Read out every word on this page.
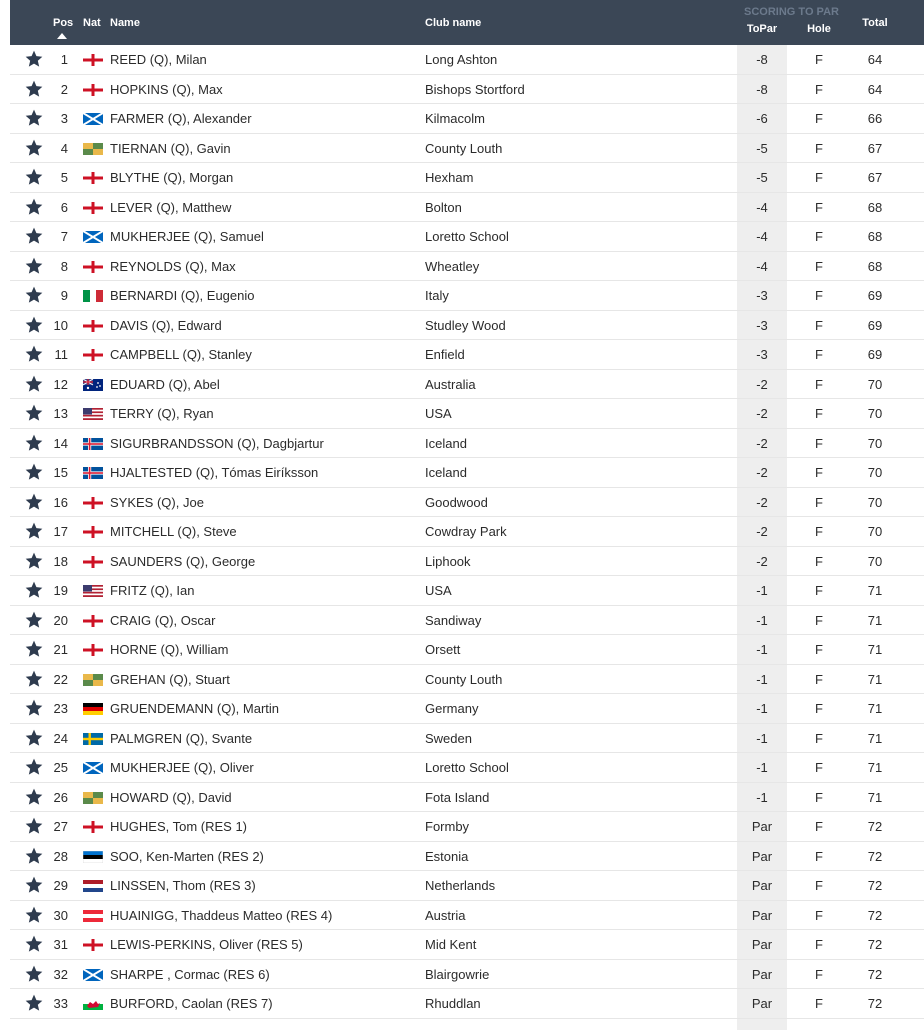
Pos Nat Name	Club name
SCORING TO PAR
ToPar	Hole	Total
1	REED (Q), Milan	Long Ashton	-8	F	64
2	HOPKINS (Q), Max	Bishops Stortford	-8	F	64
3	FARMER (Q), Alexander	Kilmacolm	-6	F	66
4	TIERNAN (Q), Gavin	County Louth	-5	F	67
5	BLYTHE (Q), Morgan	Hexham	-5	F	67
6	LEVER (Q), Matthew	Bolton	-4	F	68
7	MUKHERJEE (Q), Samuel	Loretto School	-4	F	68
8	REYNOLDS (Q), Max	Wheatley	-4	F	68
9	BERNARDI (Q), Eugenio	Italy	-3	F	69
10	DAVIS (Q), Edward	Studley Wood	-3	F	69
11	CAMPBELL (Q), Stanley	Enfield	-3	F	69
12	EDUARD (Q), Abel	Australia	-2	F	70
13	TERRY (Q), Ryan	USA	-2	F	70
14	SIGURBRANDSSON (Q), Dagbjartur	Iceland	-2	F	70
15	HJALTESTED (Q), Tómas Eiríksson	Iceland	-2	F	70
16	SYKES (Q), Joe	Goodwood	-2	F	70
17	MITCHELL (Q), Steve	Cowdray Park	-2	F	70
18	SAUNDERS (Q), George	Liphook	-2	F	70
19	FRITZ (Q), Ian	USA	-1	F	71
20	CRAIG (Q), Oscar	Sandiway	-1	F	71
21	HORNE (Q), William	Orsett	-1	F	71
22	GREHAN (Q), Stuart	County Louth	-1	F	71
23	GRUENDEMANN (Q), Martin	Germany	-1	F	71
24	PALMGREN (Q), Svante	Sweden	-1	F	71
25	MUKHERJEE (Q), Oliver	Loretto School	-1	F	71
26	HOWARD (Q), David	Fota Island	-1	F	71
27	HUGHES, Tom (RES 1)	Formby	Par	F	72
28	SOO, Ken-Marten (RES 2)	Estonia	Par	F	72
29	LINSSEN, Thom (RES 3)	Netherlands	Par	F	72
30	HUAINIGG, Thaddeus Matteo (RES 4)	Austria	Par	F	72
31	LEWIS-PERKINS, Oliver (RES 5)	Mid Kent	Par	F	72
32	SHARPE , Cormac (RES 6)	Blairgowrie	Par	F	72
33	BURFORD, Caolan (RES 7)	Rhuddlan	Par	F	72
